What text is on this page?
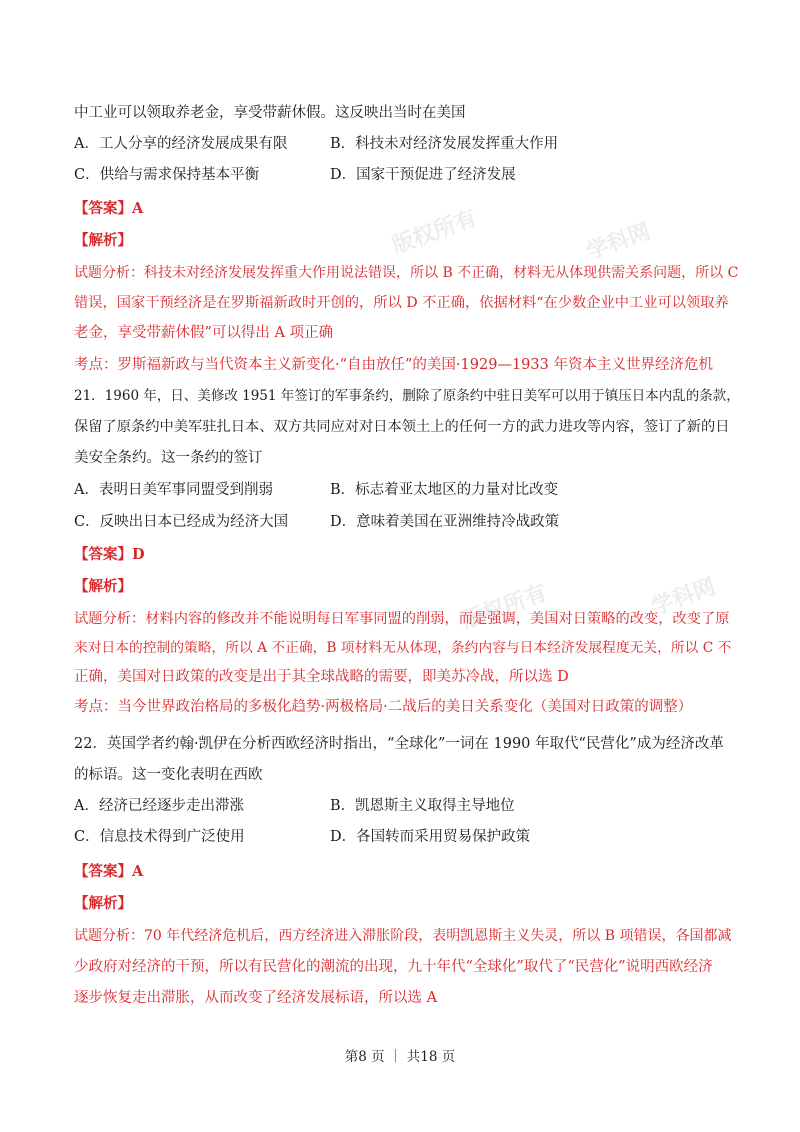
版权所有	学科网
版权所有	学科网
中工业可以领取养老金，享受带薪休假。这反映出当时在美国
A．工人分享的经济发展成果有限	B．科技未对经济发展发挥重大作用
C．供给与需求保持基本平衡	D．国家干预促进了经济发展
【答案】A
【解析】
试题分析：科技未对经济发展发挥重大作用说法错误，所以 B 不正确，材料无从体现供需关系问题，所以 C
错误，国家干预经济是在罗斯福新政时开创的，所以 D 不正确，依据材料“在少数企业中工业可以领取养
老金，享受带薪休假”可以得出 A 项正确
考点：罗斯福新政与当代资本主义新变化·“自由放任”的美国·1929—1933 年资本主义世界经济危机
21．1960 年，日、美修改 1951 年签订的军事条约，删除了原条约中驻日美军可以用于镇压日本内乱的条款，
保留了原条约中美军驻扎日本、双方共同应对对日本领土上的任何一方的武力进攻等内容，签订了新的日
美安全条约。这一条约的签订
A．表明日美军事同盟受到削弱	B．标志着亚太地区的力量对比改变
C．反映出日本已经成为经济大国	D．意味着美国在亚洲维持冷战政策
【答案】D
【解析】
试题分析：材料内容的修改并不能说明每日军事同盟的削弱，而是强调，美国对日策略的改变，改变了原
来对日本的控制的策略，所以 A 不正确，B 项材料无从体现，条约内容与日本经济发展程度无关，所以 C 不
正确，美国对日政策的改变是出于其全球战略的需要，即美苏冷战，所以选 D
考点：当今世界政治格局的多极化趋势·两极格局·二战后的美日关系变化（美国对日政策的调整）
22．英国学者约翰·凯伊在分析西欧经济时指出，“全球化”一词在 1990 年取代“民营化”成为经济改革
的标语。这一变化表明在西欧
A．经济已经逐步走出滞涨	B．凯恩斯主义取得主导地位
C．信息技术得到广泛使用	D．各国转而采用贸易保护政策
【答案】A
【解析】
试题分析：70 年代经济危机后，西方经济进入滞胀阶段，表明凯恩斯主义失灵，所以 B 项错误，各国都减
少政府对经济的干预，所以有民营化的潮流的出现，九十年代“全球化”取代了“民营化”说明西欧经济
逐步恢复走出滞胀，从而改变了经济发展标语，所以选 A
第8 页 ｜ 共18 页
